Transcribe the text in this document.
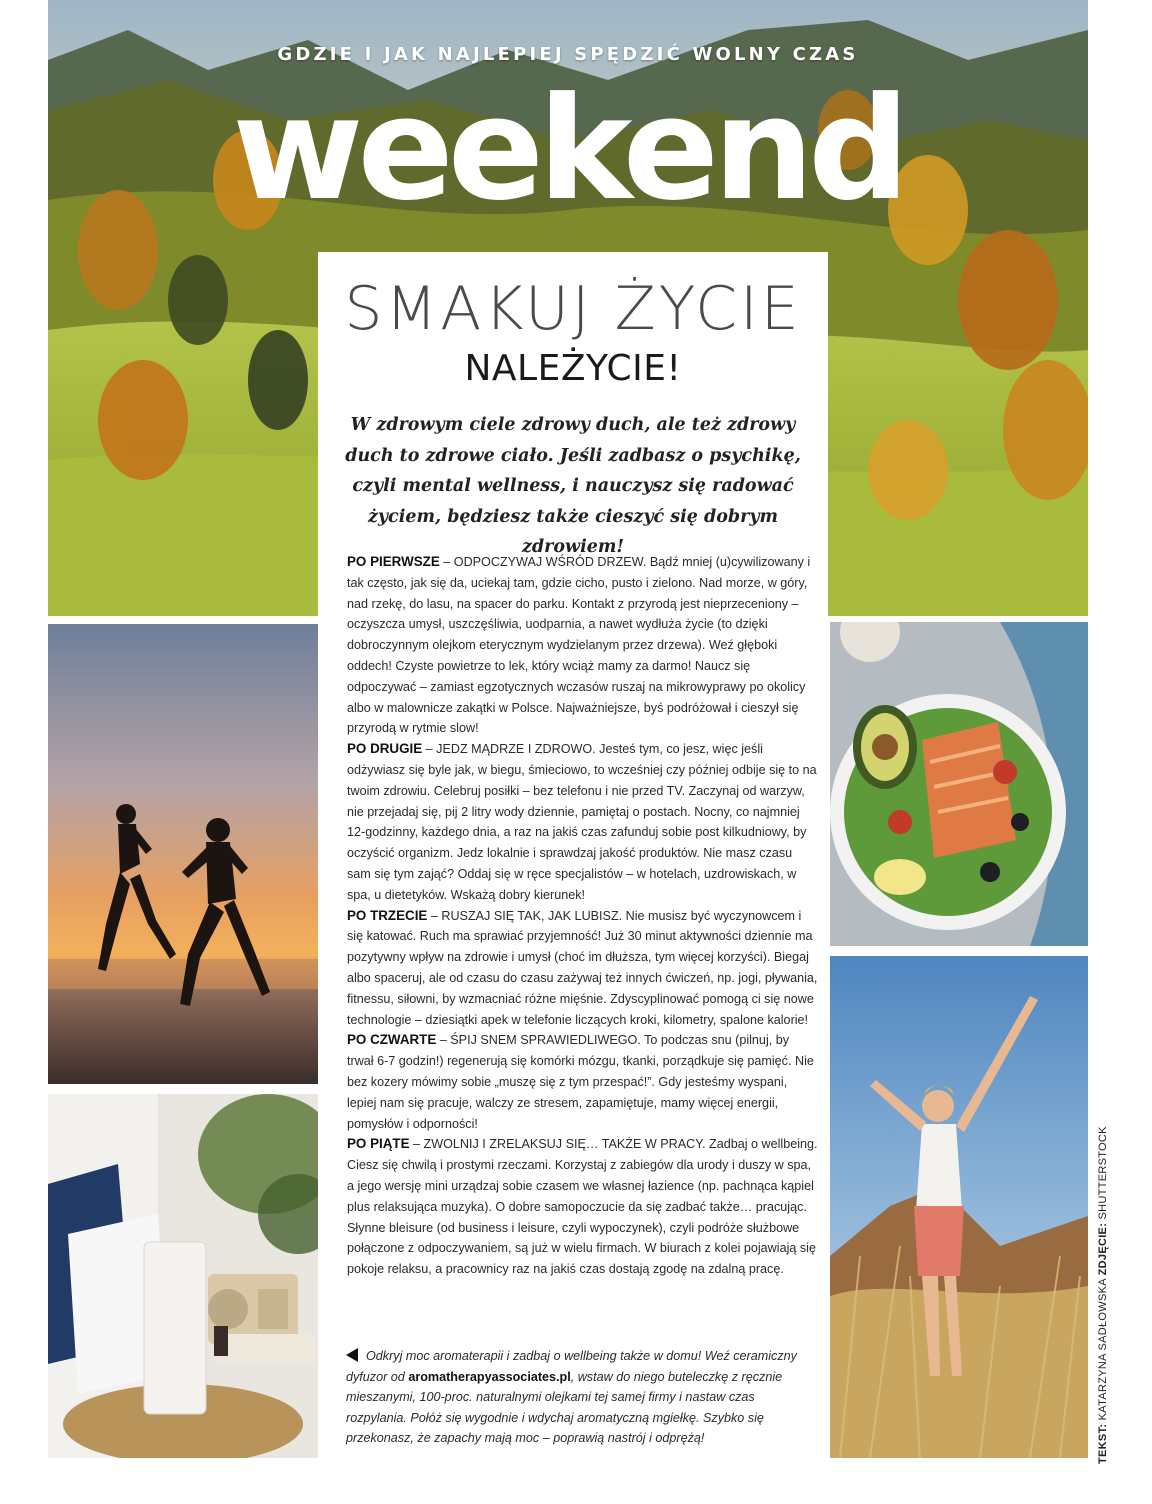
weekend
GDZIE I JAK NAJLEPIEJ SPĘDZIĆ WOLNY CZAS
SMAKUJ ŻYCIE
NALEŻYCIE!
W zdrowym ciele zdrowy duch, ale też zdrowy duch to zdrowe ciało. Jeśli zadbasz o psychikę, czyli mental wellness, i nauczysz się radować życiem, będziesz także cieszyć się dobrym zdrowiem!

PO PIERWSZE – ODPOCZYWAJ WŚRÓD DRZEW. Bądź mniej (u)cywilizowany i tak często, jak się da, uciekaj tam, gdzie cicho, pusto i zielono. Nad morze, w góry, nad rzekę, do lasu, na spacer do parku. Kontakt z przyrodą jest nieprzeceniony – oczyszcza umysł, uszczęśliwia, uodparnia, a nawet wydłuża życie (to dzięki dobroczynnym olejkom eterycznym wydzielanym przez drzewa). Weź głęboki oddech! Czyste powietrze to lek, który wciąż mamy za darmo! Naucz się odpoczywać – zamiast egzotycznych wczasów ruszaj na mikrowyprawy po okolicy albo w malownicze zakątki w Polsce. Najważniejsze, byś podróżował i cieszył się przyrodą w rytmie slow!

PO DRUGIE – JEDZ MĄDRZE I ZDROWO. Jesteś tym, co jesz, więc jeśli odżywiasz się byle jak, w biegu, śmieciowo, to wcześniej czy później odbije się to na twoim zdrowiu. Celebruj posiłki – bez telefonu i nie przed TV. Zaczynaj od warzyw, nie przejadaj się, pij 2 litry wody dziennie, pamiętaj o postach. Nocny, co najmniej 12-godzinny, każdego dnia, a raz na jakiś czas zafunduj sobie post kilkudniowy, by oczyścić organizm. Jedz lokalnie i sprawdzaj jakość produktów. Nie masz czasu sam się tym zająć? Oddaj się w ręce specjalistów – w hotelach, uzdrowiskach, w spa, u dietetyków. Wskażą dobry kierunek!

PO TRZECIE – RUSZAJ SIĘ TAK, JAK LUBISZ. Nie musisz być wyczynowcem i się katować. Ruch ma sprawiać przyjemność! Już 30 minut aktywności dziennie ma pozytywny wpływ na zdrowie i umysł (choć im dłuższa, tym więcej korzyści). Biegaj albo spaceruj, ale od czasu do czasu zażywaj też innych ćwiczeń, np. jogi, pływania, fitnessu, siłowni, by wzmacniać różne mięśnie. Zdyscyplinować pomogą ci się nowe technologie – dziesiątki apek w telefonie liczących kroki, kilometry, spalone kalorie!

PO CZWARTE – ŚPIJ SNEM SPRAWIEDLIWEGO. To podczas snu (pilnuj, by trwał 6-7 godzin!) regenerują się komórki mózgu, tkanki, porządkuje się pamięć. Nie bez kozery mówimy sobie „muszę się z tym przespać!”. Gdy jesteśmy wyspani, lepiej nam się pracuje, walczy ze stresem, zapamiętuje, mamy więcej energii, pomysłów i odporności!

PO PIĄTE – ZWOLNIJ I ZRELAKSUJ SIĘ… TAKŻE W PRACY. Zadbaj o wellbeing. Ciesz się chwilą i prostymi rzeczami. Korzystaj z zabiegów dla urody i duszy w spa, a jego wersję mini urządzaj sobie czasem we własnej łazience (np. pachnąca kąpiel plus relaksująca muzyka). O dobre samopoczucie da się zadbać także… pracując. Słynne bleisure (od business i leisure, czyli wypoczynek), czyli podróże służbowe połączone z odpoczywaniem, są już w wielu firmach. W biurach z kolei pojawiają się pokoje relaksu, a pracownicy raz na jakiś czas dostają zgodę na zdalną pracę.

Odkryj moc aromaterapii i zadbaj o wellbeing także w domu! Weź ceramiczny dyfuzor od aromatherapyassociates.pl, wstaw do niego buteleczkę z ręcznie mieszanymi, 100-proc. naturalnymi olejkami tej samej firmy i nastaw czas rozpylania. Połóż się wygodnie i wdychaj aromatyczną mgiełkę. Szybko się przekonasz, że zapachy mają moc – poprawią nastrój i odprężą!
132 | LISTOPAD 2023
TEKST: KATARZYNA SADŁOWSKA ZDJĘCIE: SHUTTERSTOCK
